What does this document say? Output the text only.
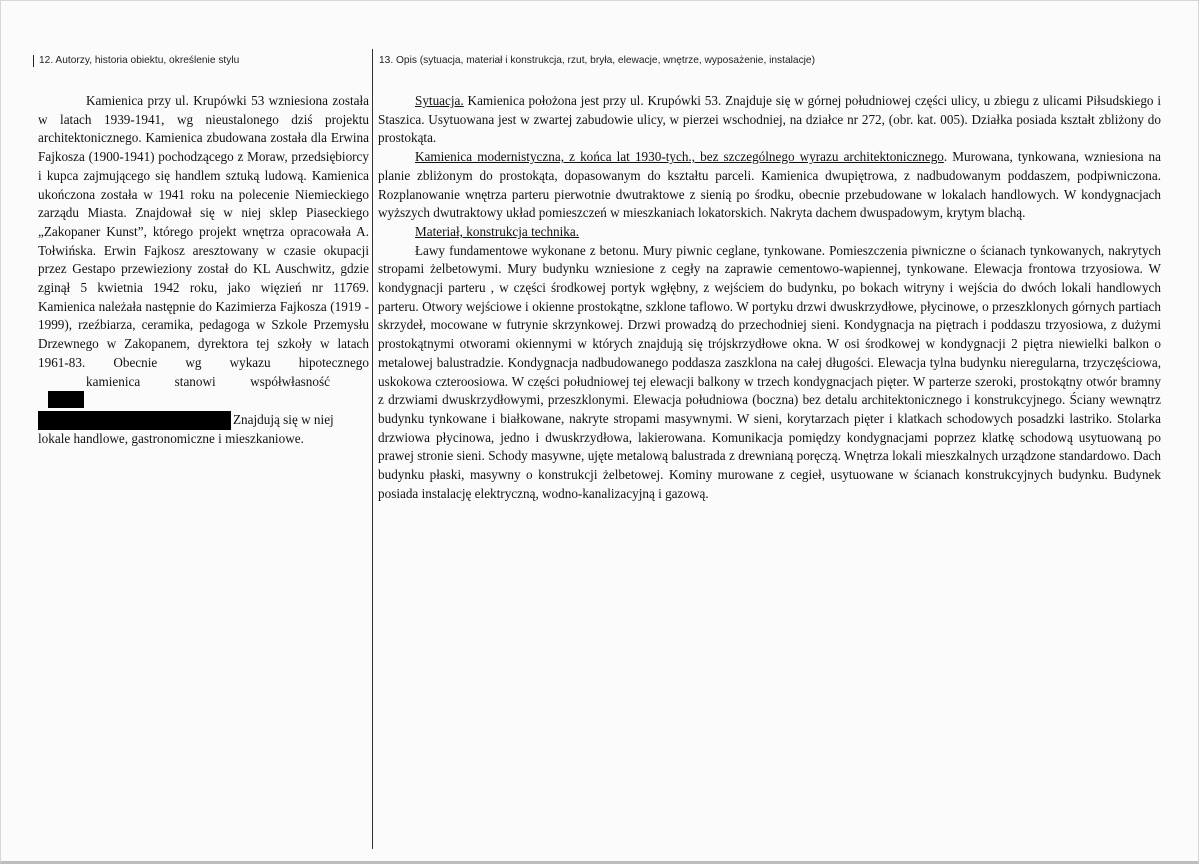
12. Autorzy, historia obiektu, określenie stylu	13. Opis (sytuacja, materiał i konstrukcja, rzut, bryła, elewacje, wnętrze, wyposażenie, instalacje)

Kamienica przy ul. Krupówki 53 wzniesiona została w latach 1939-1941, wg nieustalonego dziś projektu architektonicznego. Kamienica zbudowana została dla Erwina Fajkosza (1900-1941) pochodzącego z Moraw, przedsiębiorcy i kupca zajmującego się handlem sztuką ludową. Kamienica ukończona została w 1941 roku na polecenie Niemieckiego zarządu Miasta. Znajdował się w niej sklep Piaseckiego „Zakopaner Kunst”, którego projekt wnętrza opracowała A. Tołwińska. Erwin Fajkosz aresztowany w czasie okupacji przez Gestapo przewieziony został do KL Auschwitz, gdzie zginął 5 kwietnia 1942 roku, jako więzień nr 11769. Kamienica należała następnie do Kazimierza Fajkosza (1919 - 1999), rzeźbiarza, ceramika, pedagoga w Szkole Przemysłu Drzewnego w Zakopanem, dyrektora tej szkoły w latach 1961-83. Obecnie wg wykazu hipotecznego kamienica stanowi współwłasność

Znajdują się w niej

lokale handlowe, gastronomiczne i mieszkaniowe.

Sytuacja. Kamienica położona jest przy ul. Krupówki 53. Znajduje się w górnej południowej części ulicy, u zbiegu z ulicami Piłsudskiego i Staszica. Usytuowana jest w zwartej zabudowie ulicy, w pierzei wschodniej, na działce nr 272, (obr. kat. 005). Działka posiada kształt zbliżony do prostokąta.

Kamienica modernistyczna, z końca lat 1930-tych., bez szczególnego wyrazu architektonicznego. Murowana, tynkowana, wzniesiona na planie zbliżonym do prostokąta, dopasowanym do kształtu parceli. Kamienica dwupiętrowa, z nadbudowanym poddaszem, podpiwniczona. Rozplanowanie wnętrza parteru pierwotnie dwutraktowe z sienią po środku, obecnie przebudowane w lokalach handlowych. W kondygnacjach wyższych dwutraktowy układ pomieszczeń w mieszkaniach lokatorskich. Nakryta dachem dwuspadowym, krytym blachą.

Materiał, konstrukcja technika.

Ławy fundamentowe wykonane z betonu. Mury piwnic ceglane, tynkowane. Pomieszczenia piwniczne o ścianach tynkowanych, nakrytych stropami żelbetowymi. Mury budynku wzniesione z cegły na zaprawie cementowo-wapiennej, tynkowane. Elewacja frontowa trzyosiowa. W kondygnacji parteru , w części środkowej portyk wgłębny, z wejściem do budynku, po bokach witryny i wejścia do dwóch lokali handlowych parteru. Otwory wejściowe i okienne prostokątne, szklone taflowo. W portyku drzwi dwuskrzydłowe, płycinowe, o przeszklonych górnych partiach skrzydeł, mocowane w futrynie skrzynkowej. Drzwi prowadzą do przechodniej sieni. Kondygnacja na piętrach i poddaszu trzyosiowa, z dużymi prostokątnymi otworami okiennymi w których znajdują się trójskrzydłowe okna. W osi środkowej w kondygnacji 2 piętra niewielki balkon o metalowej balustradzie. Kondygnacja nadbudowanego poddasza zaszklona na całej długości. Elewacja tylna budynku nieregularna, trzyczęściowa, uskokowa czteroosiowa. W części południowej tej elewacji balkony w trzech kondygnacjach pięter. W parterze szeroki, prostokątny otwór bramny z drzwiami dwuskrzydłowymi, przeszklonymi. Elewacja południowa (boczna) bez detalu architektonicznego i konstrukcyjnego. Ściany wewnątrz budynku tynkowane i białkowane, nakryte stropami masywnymi. W sieni, korytarzach pięter i klatkach schodowych posadzki lastriko. Stolarka drzwiowa płycinowa, jedno i dwuskrzydłowa, lakierowana. Komunikacja pomiędzy kondygnacjami poprzez klatkę schodową usytuowaną po prawej stronie sieni. Schody masywne, ujęte metalową balustrada z drewnianą poręczą. Wnętrza lokali mieszkalnych urządzone standardowo. Dach budynku płaski, masywny o konstrukcji żelbetowej. Kominy murowane z cegieł, usytuowane w ścianach konstrukcyjnych budynku. Budynek posiada instalację elektryczną, wodno-kanalizacyjną i gazową.
